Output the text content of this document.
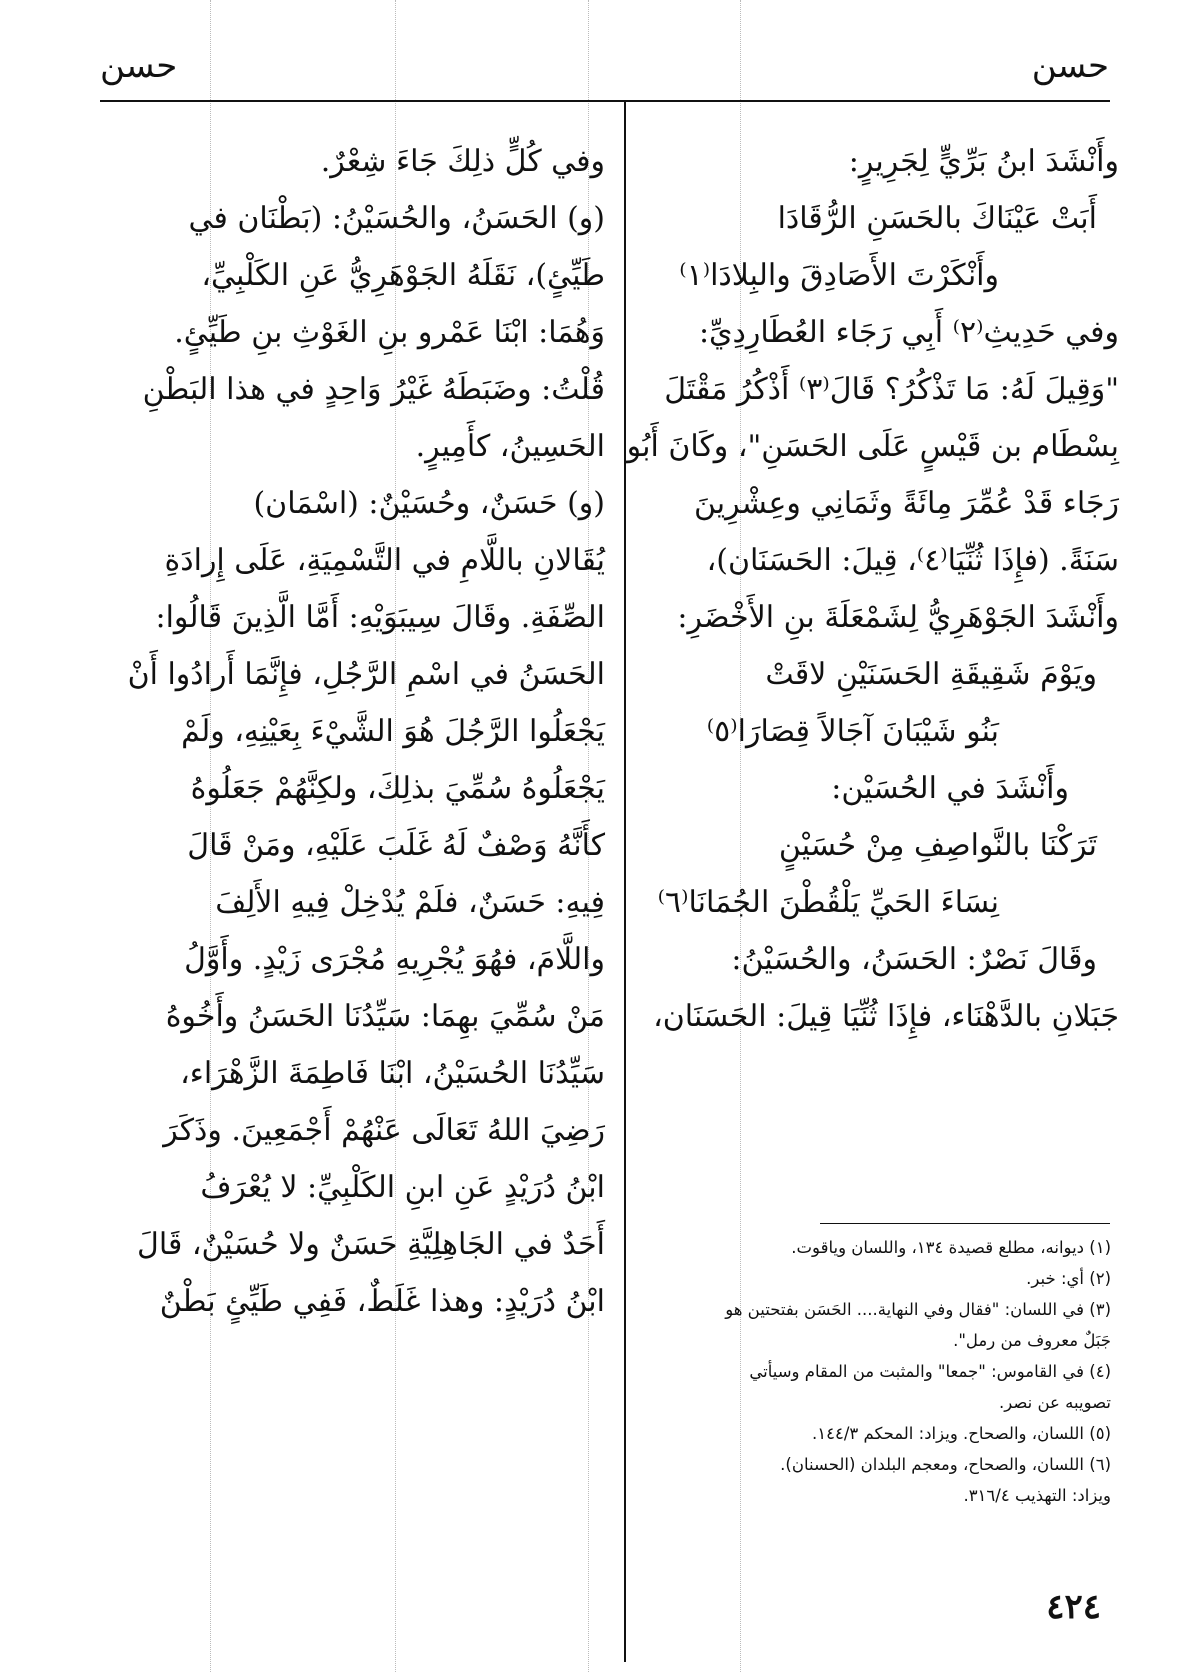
حسن
حسن

وأَنْشَدَ ابنُ بَرِّيٍّ لِجَرِيرٍ:

أَبَتْ عَيْنَاكَ بالحَسَنِ الرُّقَادَا

وأَنْكَرْتَ الأَصَادِقَ والبِلادَا⁽١⁾

وفي حَدِيثِ⁽٢⁾ أَبِي رَجَاء العُطَارِدِيِّ:

"وَقِيلَ لَهُ: مَا تَذْكُرُ؟ قَالَ⁽٣⁾ أَذْكُرُ مَقْتَلَ

بِسْطَام بن قَيْسٍ عَلَى الحَسَنِ"، وكَانَ أَبُو

رَجَاء قَدْ عُمِّرَ مِائَةً وثَمَانِي وعِشْرِينَ

سَنَةً. (فإِذَا ثُنِّيَا⁽٤⁾، قِيلَ: الحَسَنَان)،

وأَنْشَدَ الجَوْهَرِيُّ لِشَمْعَلَةَ بنِ الأَخْضَرِ:

ويَوْمَ شَقِيقَةِ الحَسَنَيْنِ لاقَتْ

بَنُو شَيْبَانَ آجَالاً قِصَارَا⁽٥⁾

وأَنْشَدَ في الحُسَيْن:

تَرَكْنَا بالنَّواصِفِ مِنْ حُسَيْنٍ

نِسَاءَ الحَيِّ يَلْقُطْنَ الجُمَانَا⁽٦⁾

وقَالَ نَصْرٌ: الحَسَنُ، والحُسَيْنُ:

جَبَلانِ بالدَّهْنَاء، فإِذَا ثُنِّيَا قِيلَ: الحَسَنَان،

وفي كُلٍّ ذلِكَ جَاءَ شِعْرٌ.

(و) الحَسَنُ، والحُسَيْنُ: (بَطْنَان في

طَيِّئٍ)، نَقَلَهُ الجَوْهَرِيُّ عَنِ الكَلْبِيِّ،

وَهُمَا: ابْنَا عَمْرو بنِ الغَوْثِ بنِ طَيِّئٍ.

قُلْتُ: وضَبَطَهُ غَيْرُ وَاحِدٍ في هذا البَطْنِ

الحَسِينُ، كأَمِيرٍ.

(و) حَسَنٌ، وحُسَيْنٌ: (اسْمَان)

يُقَالانِ باللَّامِ في التَّسْمِيَةِ، عَلَى إِرادَةِ

الصِّفَةِ. وقَالَ سِيبَوَيْهِ: أَمَّا الَّذِينَ قَالُوا:

الحَسَنُ في اسْمِ الرَّجُلِ، فإِنَّمَا أَرادُوا أَنْ

يَجْعَلُوا الرَّجُلَ هُوَ الشَّيْءَ بِعَيْنِهِ، ولَمْ

يَجْعَلُوهُ سُمِّيَ بذلِكَ، ولكِنَّهُمْ جَعَلُوهُ

كأَنَّهُ وَصْفٌ لَهُ غَلَبَ عَلَيْهِ، ومَنْ قَالَ

فِيهِ: حَسَنٌ، فلَمْ يُدْخِلْ فِيهِ الأَلِفَ

واللَّامَ، فهُوَ يُجْرِيهِ مُجْرَى زَيْدٍ. وأَوَّلُ

مَنْ سُمِّيَ بهِمَا: سَيِّدُنَا الحَسَنُ وأَخُوهُ

سَيِّدُنَا الحُسَيْنُ، ابْنَا فَاطِمَةَ الزَّهْرَاء،

رَضِيَ اللهُ تَعَالَى عَنْهُمْ أَجْمَعِينَ. وذَكَرَ

ابْنُ دُرَيْدٍ عَنِ ابنِ الكَلْبِيِّ: لا يُعْرَفُ

أَحَدٌ في الجَاهِلِيَّةِ حَسَنٌ ولا حُسَيْنٌ، قَالَ

ابْنُ دُرَيْدٍ: وهذا غَلَطٌ، فَفِي طَيِّئٍ بَطْنٌ

(١) ديوانه، مطلع قصيدة ١٣٤، واللسان وياقوت.

(٢) أي: خبر.

(٣) في اللسان: "فقال وفي النهاية.... الحَسَن بفتحتين هو

جَبَلٌ معروف من رمل".

(٤) في القاموس: "جمعا" والمثبت من المقام وسيأتي

تصويبه عن نصر.

(٥) اللسان، والصحاح. ويزاد: المحكم ١٤٤/٣.

(٦) اللسان، والصحاح، ومعجم البلدان (الحسنان).

ويزاد: التهذيب ٣١٦/٤.

٤٢٤
